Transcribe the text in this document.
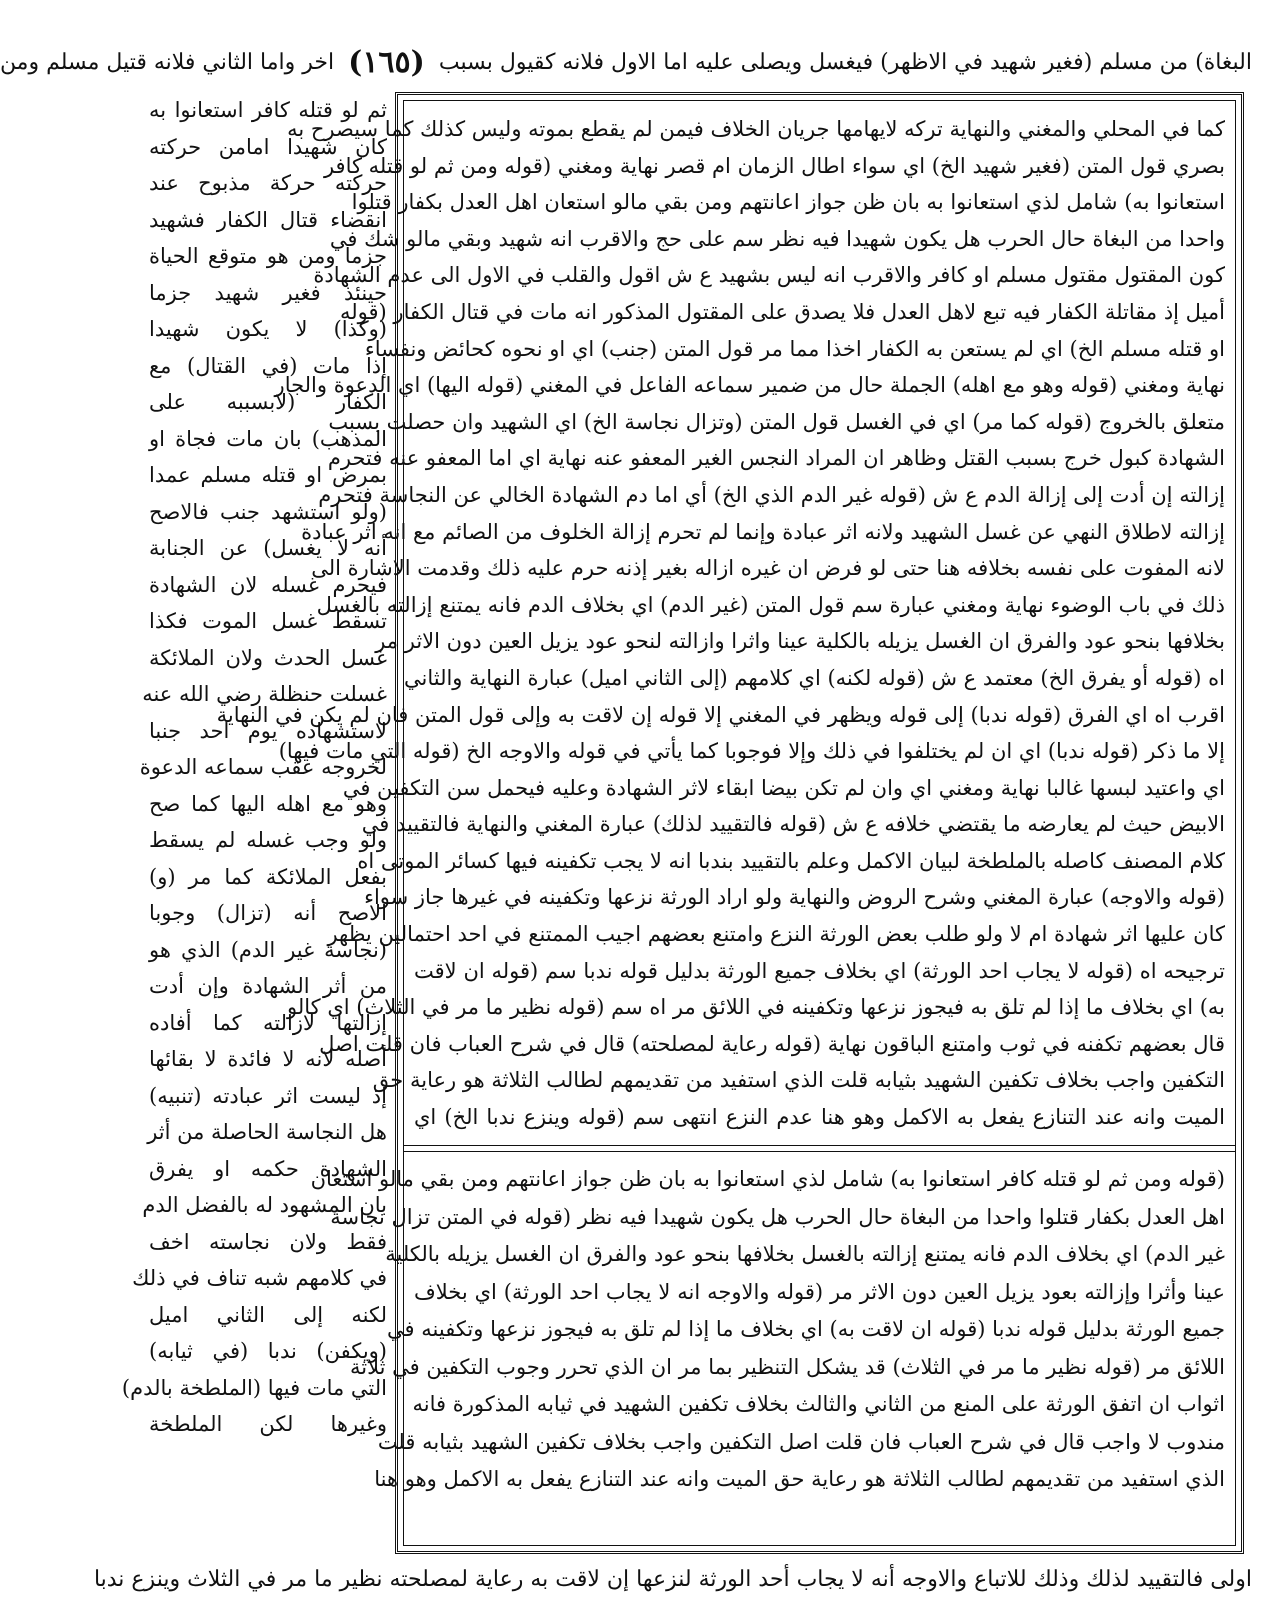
البغاة) من مسلم (فغير شهيد في الاظهر) فيغسل ويصلى عليه اما الاول فلانه كقيول بسبب
(١٦٥)
اخر واما الثاني فلانه قتيل مسلم ومن
كما في المحلي والمغني والنهاية تركه لايهامها جريان الخلاف فيمن لم يقطع بموته وليس كذلك كما سيصرح به
بصري قول المتن (فغير شهيد الخ) اي سواء اطال الزمان ام قصر نهاية ومغني (قوله ومن ثم لو قتله كافر
استعانوا به) شامل لذي استعانوا به بان ظن جواز اعانتهم ومن بقي مالو استعان اهل العدل بكفار قتلوا
واحدا من البغاة حال الحرب هل يكون شهيدا فيه نظر سم على حج والاقرب انه شهيد وبقي مالو شك في
كون المقتول مقتول مسلم او كافر والاقرب انه ليس بشهيد ع ش اقول والقلب في الاول الى عدم الشهادة
أميل إذ مقاتلة الكفار فيه تبع لاهل العدل فلا يصدق على المقتول المذكور انه مات في قتال الكفار (قوله
او قتله مسلم الخ) اي لم يستعن به الكفار اخذا مما مر قول المتن (جنب) اي او نحوه كحائض ونفساء
نهاية ومغني (قوله وهو مع اهله) الجملة حال من ضمير سماعه الفاعل في المغني (قوله اليها) اي الدعوة والجار
متعلق بالخروج (قوله كما مر) اي في الغسل قول المتن (وتزال نجاسة الخ) اي الشهيد وان حصلت بسبب
الشهادة كبول خرج بسبب القتل وظاهر ان المراد النجس الغير المعفو عنه نهاية اي اما المعفو عنه فتحرم
إزالته إن أدت إلى إزالة الدم ع ش (قوله غير الدم الذي الخ) أي اما دم الشهادة الخالي عن النجاسة فتحرم
إزالته لاطلاق النهي عن غسل الشهيد ولانه اثر عبادة وإنما لم تحرم إزالة الخلوف من الصائم مع انه اثر عبادة
لانه المفوت على نفسه بخلافه هنا حتى لو فرض ان غيره ازاله بغير إذنه حرم عليه ذلك وقدمت الاشارة الى
ذلك في باب الوضوء نهاية ومغني عبارة سم قول المتن (غير الدم) اي بخلاف الدم فانه يمتنع إزالته بالغسل
بخلافها بنحو عود والفرق ان الغسل يزيله بالكلية عينا واثرا وازالته لنحو عود يزيل العين دون الاثر مر
اه (قوله أو يفرق الخ) معتمد ع ش (قوله لكنه) اي كلامهم (إلى الثاني اميل) عبارة النهاية والثاني
اقرب اه اي الفرق (قوله ندبا) إلى قوله ويظهر في المغني إلا قوله إن لاقت به وإلى قول المتن فان لم يكن في النهاية
إلا ما ذكر (قوله ندبا) اي ان لم يختلفوا في ذلك وإلا فوجوبا كما يأتي في قوله والاوجه الخ (قوله التي مات فيها)
اي واعتيد لبسها غالبا نهاية ومغني اي وان لم تكن بيضا ابقاء لاثر الشهادة وعليه فيحمل سن التكفين في
الابيض حيث لم يعارضه ما يقتضي خلافه ع ش (قوله فالتقييد لذلك) عبارة المغني والنهاية فالتقييد في
كلام المصنف كاصله بالملطخة لبيان الاكمل وعلم بالتقييد بندبا انه لا يجب تكفينه فيها كسائر الموتى اه
(قوله والاوجه) عبارة المغني وشرح الروض والنهاية ولو اراد الورثة نزعها وتكفينه في غيرها جاز سواء
كان عليها اثر شهادة ام لا ولو طلب بعض الورثة النزع وامتنع بعضهم اجيب الممتنع في احد احتمالين يظهر
ترجيحه اه (قوله لا يجاب احد الورثة) اي بخلاف جميع الورثة بدليل قوله ندبا سم (قوله ان لاقت
به) اي بخلاف ما إذا لم تلق به فيجوز نزعها وتكفينه في اللائق مر اه سم (قوله نظير ما مر في الثلاث) اي كالو
قال بعضهم تكفنه في ثوب وامتنع الباقون نهاية (قوله رعاية لمصلحته) قال في شرح العباب فان قلت اصل
التكفين واجب بخلاف تكفين الشهيد بثيابه قلت الذي استفيد من تقديمهم لطالب الثلاثة هو رعاية حق
الميت وانه عند التنازع يفعل به الاكمل وهو هنا عدم النزع انتهى سم (قوله وينزع ندبا الخ) اي
(قوله ومن ثم لو قتله كافر استعانوا به) شامل لذي استعانوا به بان ظن جواز اعانتهم ومن بقي مالو استعان
اهل العدل بكفار قتلوا واحدا من البغاة حال الحرب هل يكون شهيدا فيه نظر (قوله في المتن تزال نجاسة
غير الدم) اي بخلاف الدم فانه يمتنع إزالته بالغسل بخلافها بنحو عود والفرق ان الغسل يزيله بالكلية
عينا وأثرا وإزالته بعود يزيل العين دون الاثر مر (قوله والاوجه انه لا يجاب احد الورثة) اي بخلاف
جميع الورثة بدليل قوله ندبا (قوله ان لاقت به) اي بخلاف ما إذا لم تلق به فيجوز نزعها وتكفينه في
اللائق مر (قوله نظير ما مر في الثلاث) قد يشكل التنظير بما مر ان الذي تحرر وجوب التكفين في ثلاثة
اثواب ان اتفق الورثة على المنع من الثاني والثالث بخلاف تكفين الشهيد في ثيابه المذكورة فانه
مندوب لا واجب قال في شرح العباب فان قلت اصل التكفين واجب بخلاف تكفين الشهيد بثيابه قلت
الذي استفيد من تقديمهم لطالب الثلاثة هو رعاية حق الميت وانه عند التنازع يفعل به الاكمل وهو هنا
ثم لو قتله كافر استعانوا به
كان شهيدا امامن حركته
حركته حركة مذبوح عند
انقضاء قتال الكفار فشهيد
جزما ومن هو متوقع الحياة
حينئذ فغير شهيد جزما
(وكذا) لا يكون شهيدا
إذا مات (في القتال) مع
الكفار (لابسببه على
المذهب) بان مات فجاة او
بمرض او قتله مسلم عمدا
(ولو استشهد جنب فالاصح
أنه لا يغسل) عن الجنابة
فيحرم غسله لان الشهادة
تسقط غسل الموت فكذا
غسل الحدث ولان الملائكة
غسلت حنظلة رضي الله عنه
لاستشهاده يوم احد جنبا
لخروجه عقب سماعه الدعوة
وهو مع اهله اليها كما صح
ولو وجب غسله لم يسقط
بفعل الملائكة كما مر (و)
الاصح أنه (تزال) وجوبا
(نجاسة غير الدم) الذي هو
من أثر الشهادة وإن أدت
إزالتها لازالته كما أفاده
أصله لانه لا فائدة لا بقائها
إذ ليست اثر عبادته (تنبيه)
هل النجاسة الحاصلة من أثر
الشهادة حكمه او يفرق
بان المشهود له بالفضل الدم
فقط ولان نجاسته اخف
في كلامهم شبه تناف في ذلك
لكنه إلى الثاني اميل
(ويكفن) ندبا (في ثيابه)
التي مات فيها (الملطخة بالدم)
وغيرها لكن الملطخة
اولى فالتقييد لذلك وذلك للاتباع والاوجه أنه لا يجاب أحد الورثة لنزعها إن لاقت به رعاية لمصلحته نظير ما مر في الثلاث وينزع ندبا
